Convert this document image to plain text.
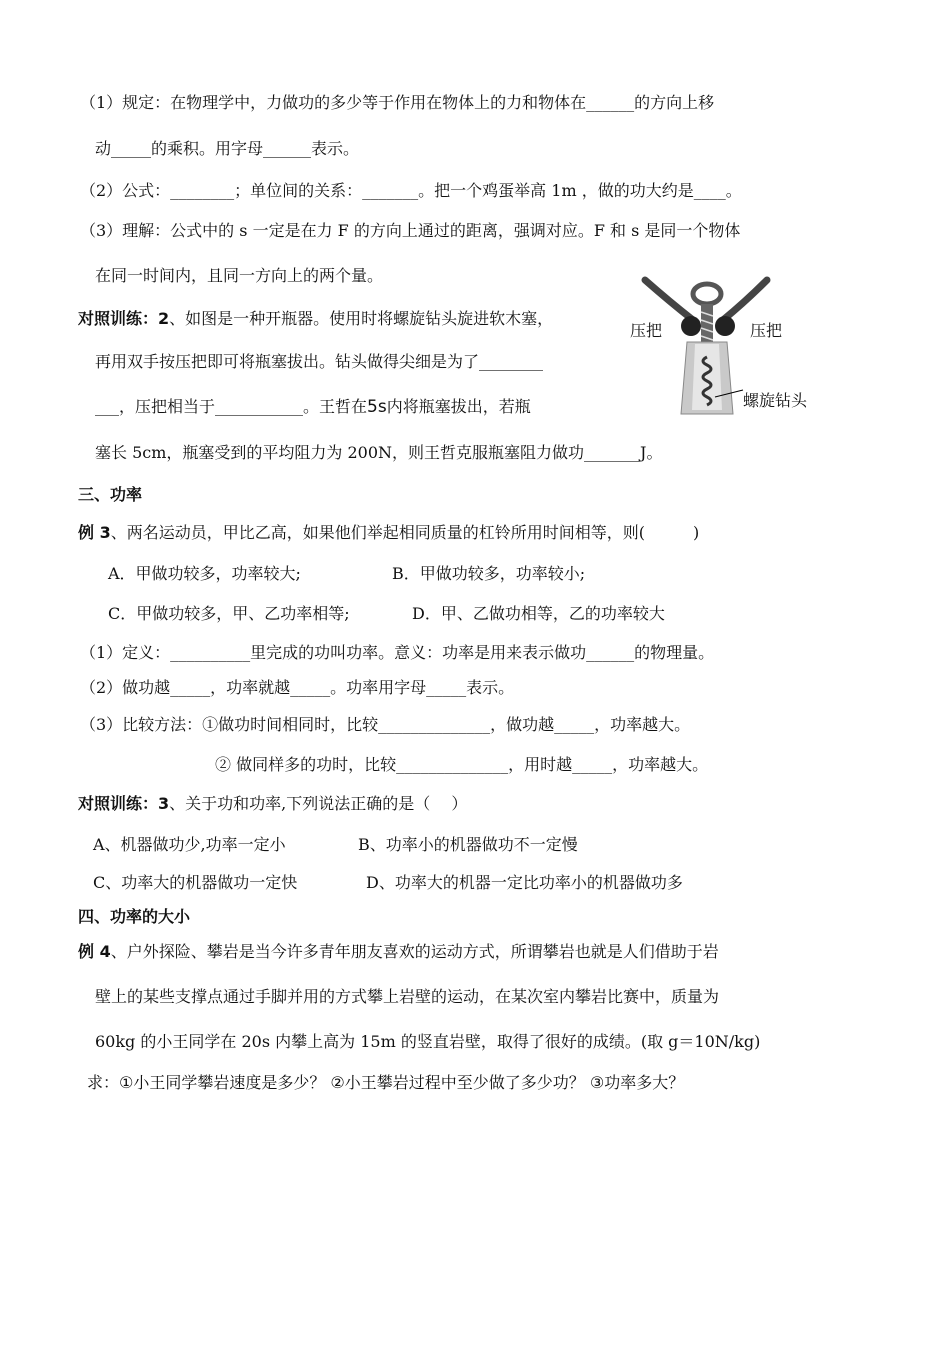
（1）规定：在物理学中，力做功的多少等于作用在物体上的力和物体在______的方向上移
动_____的乘积。用字母______表示。
（2）公式：________；单位间的关系：_______。把一个鸡蛋举高 1m ，做的功大约是____。
（3）理解：公式中的 s 一定是在力 F 的方向上通过的距离，强调对应。F 和 s 是同一个物体
在同一时间内，且同一方向上的两个量。
对照训练：2、如图是一种开瓶器。使用时将螺旋钻头旋进软木塞，
再用双手按压把即可将瓶塞拔出。钻头做得尖细是为了________
___，压把相当于___________。王哲在5s内将瓶塞拔出，若瓶
塞长 5cm，瓶塞受到的平均阻力为 200N，则王哲克服瓶塞阻力做功_______J。
压把	压把
螺旋钻头
三、功率
例 3、两名运动员，甲比乙高，如果他们举起相同质量的杠铃所用时间相等，则(　　　)
A．甲做功较多，功率较大;	B．甲做功较多，功率较小;
C．甲做功较多，甲、乙功率相等;	D．甲、乙做功相等，乙的功率较大
（1）定义：__________里完成的功叫功率。意义：功率是用来表示做功______的物理量。
（2）做功越_____，功率就越_____。功率用字母_____表示。
（3）比较方法：①做功时间相同时，比较______________，做功越_____，功率越大。
② 做同样多的功时，比较______________，用时越_____，功率越大。
对照训练：3、关于功和功率,下列说法正确的是（　 ）
A、机器做功少,功率一定小	B、功率小的机器做功不一定慢
C、功率大的机器做功一定快	D、功率大的机器一定比功率小的机器做功多
四、功率的大小
例 4、户外探险、攀岩是当今许多青年朋友喜欢的运动方式，所谓攀岩也就是人们借助于岩
壁上的某些支撑点通过手脚并用的方式攀上岩壁的运动，在某次室内攀岩比赛中，质量为
60kg 的小王同学在 20s 内攀上高为 15m 的竖直岩壁，取得了很好的成绩。(取 g＝10N/kg)
求：①小王同学攀岩速度是多少？ ②小王攀岩过程中至少做了多少功？ ③功率多大？
